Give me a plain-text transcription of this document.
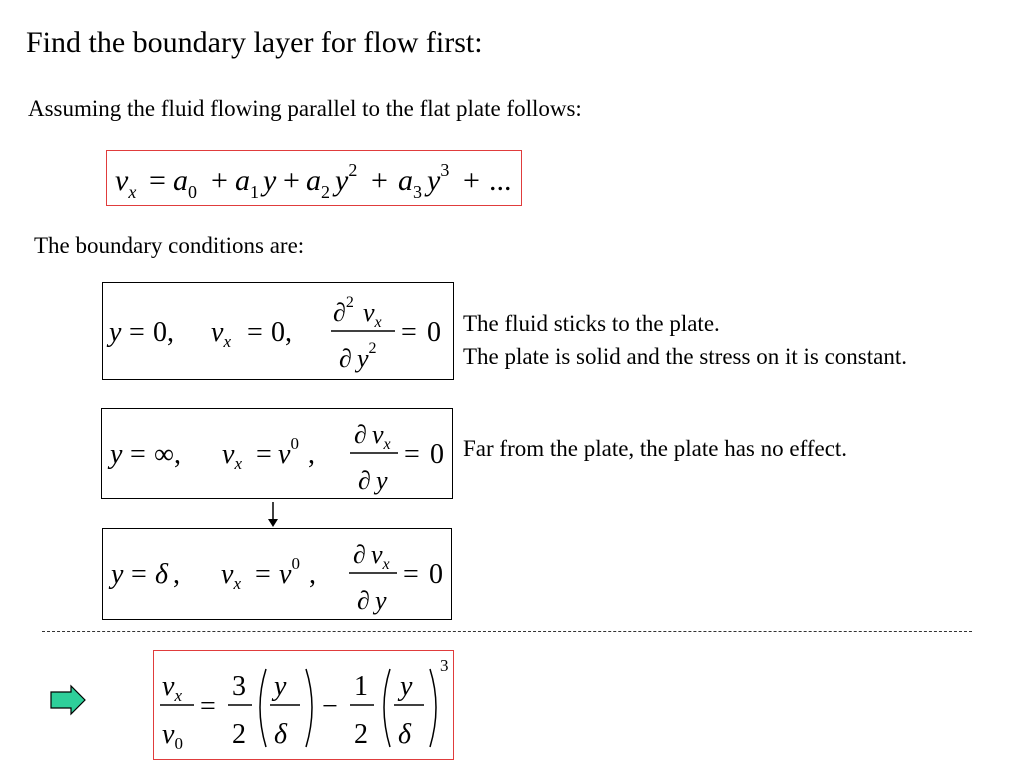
Find the boundary layer for flow first:
Assuming the fluid flowing parallel to the flat plate follows:
$v_x = a_0 + a_1$ $y + a_2$ $y^2 + a_3$ $y^3$ + ...
The boundary conditions are:
y = 0, vx = 0,
∂2 vx
∂ y2
= 0 The fluid sticks to the plate.
The plate is solid and the stress on it is constant.
y = ∞, vx = v0 ,
∂ vx
∂ y
= 0 Far from the plate, the plate has no effect.
y = δ , vx = v0 ,
∂ vx
∂ y
= 0
vx
v0
=
3
2
y
δ
−
1
2
y
δ
3
